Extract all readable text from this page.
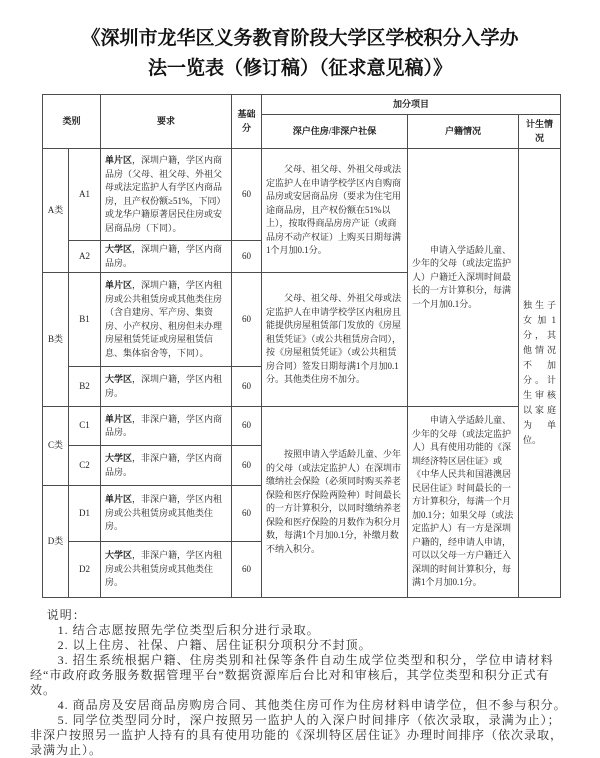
《深圳市龙华区义务教育阶段大学区学校积分入学办
法一览表（修订稿）（征求意见稿）》
类别		要求	基础分	加分项目		
				深户住房/非深户社保	户籍情况	计生情况
A类	A1	单片区，深圳户籍，学区内商品房（父母、祖父母、外祖父母或法定监护人有学区内商品房，且产权份额≥51%，下同）或龙华户籍原著居民住房或安居商品房（下同）。	60	父母、祖父母、外祖父母或法定监护人在申请学校学区内自购商品房或安居商品房（要求为住宅用途商品房，且产权份额在51%以上），按取得商品房房产证（或商品房不动产权证）上购买日期每满1个月加0.1分。	申请入学适龄儿童、少年的父母（或法定监护人）户籍迁入深圳时间最长的一方计算积分，每满一个月加0.1分。	独生子女加1分，其他情况不加分。计生审核以家庭为单位。
	A2	大学区，深圳户籍，学区内商品房。	60			
B类	B1	单片区，深圳户籍，学区内租房或公共租赁房或其他类住房（含自建房、军产房、集资房、小产权房、租房但未办理房屋租赁凭证或房屋租赁信息、集体宿舍等，下同）。	60	父母、祖父母、外祖父母或法定监护人在申请学校学区内租房且能提供房屋租赁部门发放的《房屋租赁凭证》（或公共租赁房合同），按《房屋租赁凭证》（或公共租赁房合同）签发日期每满1个月加0.1分。其他类住房不加分。		
	B2	大学区，深圳户籍，学区内租房。	60			
C类	C1	单片区，非深户籍，学区内商品房。	60	按照申请入学适龄儿童、少年的父母（或法定监护人）在深圳市缴纳社会保险（必须同时购买养老保险和医疗保险两险种）时间最长的一方计算积分，以同时缴纳养老保险和医疗保险的月数作为积分月数，每满1个月加0.1分，补缴月数不纳入积分。	申请入学适龄儿童、少年的父母（或法定监护人）具有使用功能的《深圳经济特区居住证》或《中华人民共和国港澳居民居住证》时间最长的一方计算积分，每满一个月加0.1分；如果父母（或法定监护人）有一方是深圳户籍的，经申请人申请，可以以父母一方户籍迁入深圳的时间计算积分，每满1个月加0.1分。	
	C2	大学区，非深户籍，学区内商品房。	60			
D类	D1	单片区，非深户籍，学区内租房或公共租赁房或其他类住房。	60			
	D2	大学区，非深户籍，学区内租房或公共租赁房或其他类住房。	60			

说明：

1. 结合志愿按照先学位类型后积分进行录取。

2. 以上住房、社保、户籍、居住证积分项积分不封顶。

3. 招生系统根据户籍、住房类别和社保等条件自动生成学位类型和积分，学位申请材料经“市政府政务服务数据管理平台”数据资源库后台比对和审核后，其学位类型和积分正式有效。

4. 商品房及安居商品房购房合同、其他类住房可作为住房材料申请学位，但不参与积分。

5. 同学位类型同分时，深户按照另一监护人的入深户时间排序（依次录取，录满为止）；非深户按照另一监护人持有的具有使用功能的《深圳特区居住证》办理时间排序（依次录取，录满为止）。
